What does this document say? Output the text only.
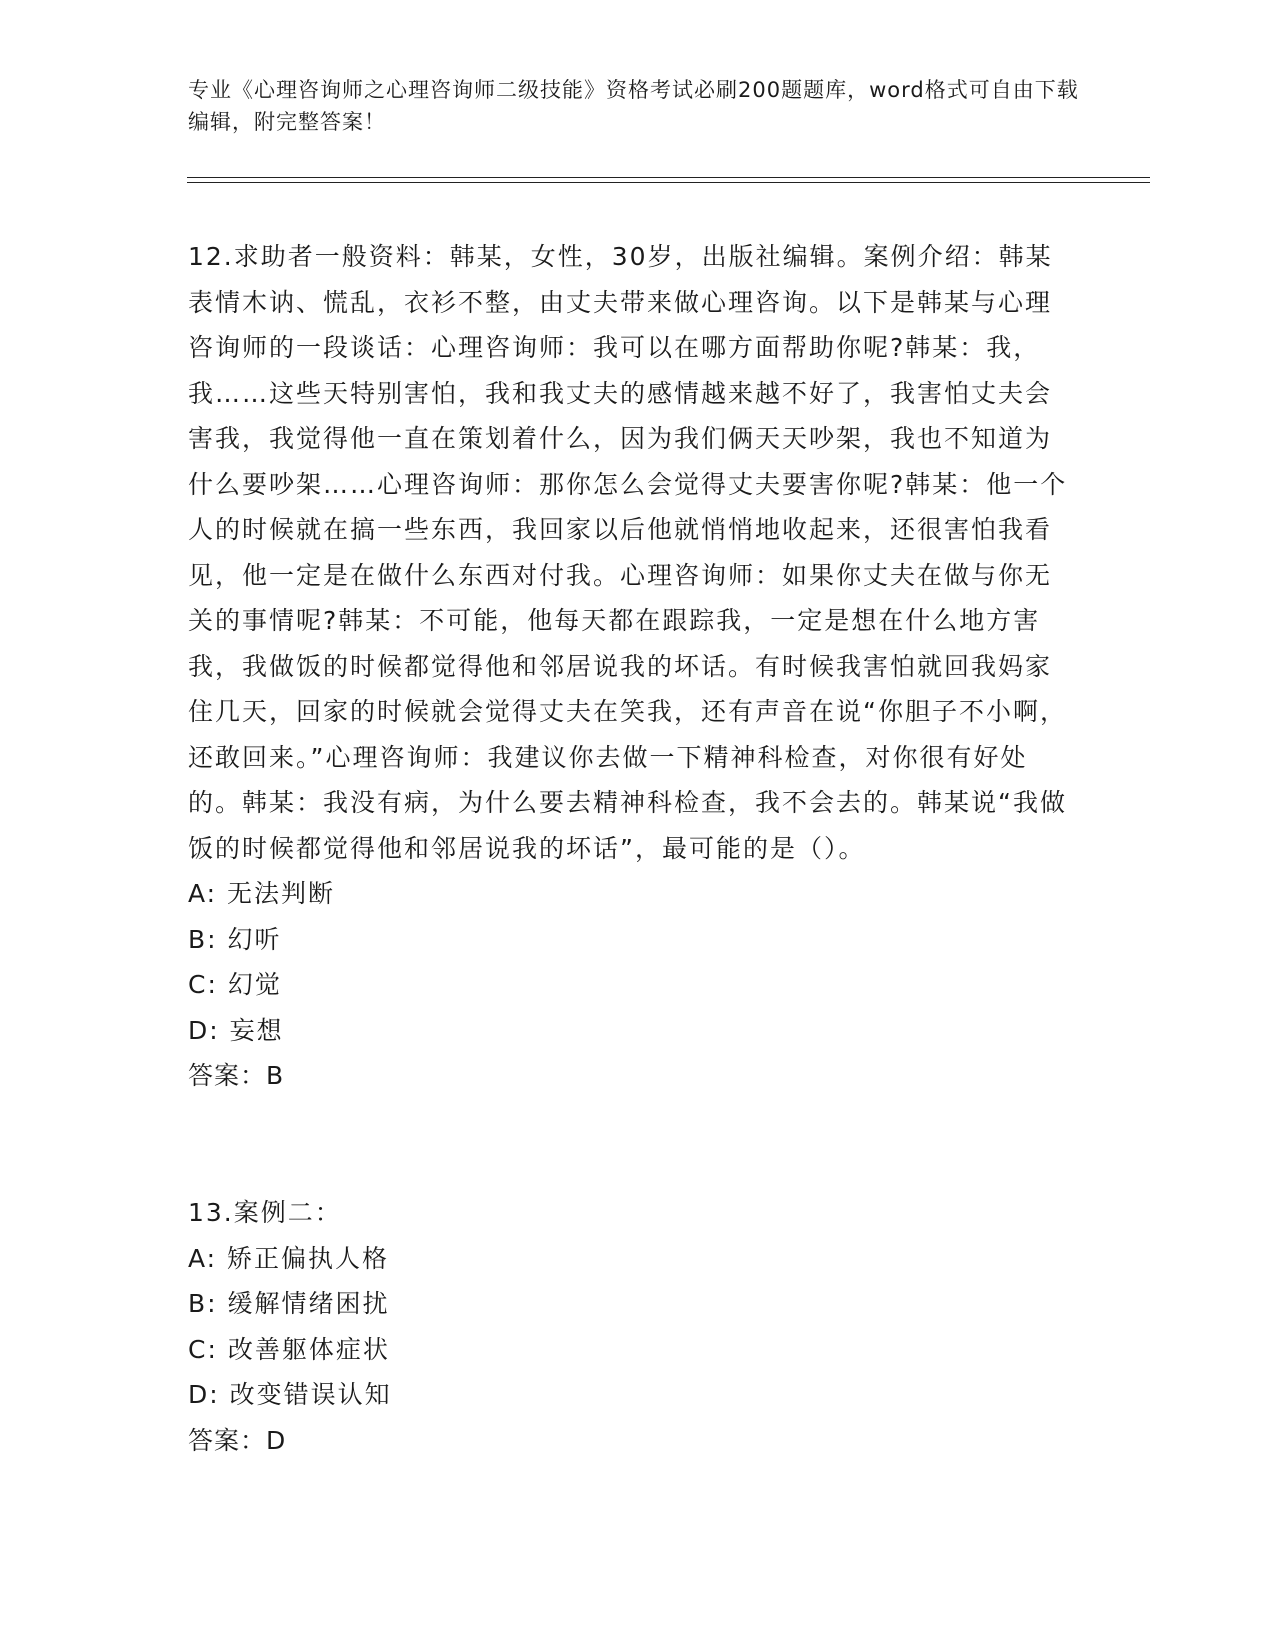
专业《心理咨询师之心理咨询师二级技能》资格考试必刷200题题库，word格式可自由下载编辑，附完整答案！
12.求助者一般资料：韩某，女性，30岁，出版社编辑。案例介绍：韩某表情木讷、慌乱，衣衫不整，由丈夫带来做心理咨询。以下是韩某与心理咨询师的一段谈话：心理咨询师：我可以在哪方面帮助你呢?韩某：我，我……这些天特别害怕，我和我丈夫的感情越来越不好了，我害怕丈夫会害我，我觉得他一直在策划着什么，因为我们俩天天吵架，我也不知道为什么要吵架……心理咨询师：那你怎么会觉得丈夫要害你呢?韩某：他一个人的时候就在搞一些东西，我回家以后他就悄悄地收起来，还很害怕我看见，他一定是在做什么东西对付我。心理咨询师：如果你丈夫在做与你无关的事情呢?韩某：不可能，他每天都在跟踪我，一定是想在什么地方害我，我做饭的时候都觉得他和邻居说我的坏话。有时候我害怕就回我妈家住几天，回家的时候就会觉得丈夫在笑我，还有声音在说“你胆子不小啊，还敢回来。”心理咨询师：我建议你去做一下精神科检查，对你很有好处的。韩某：我没有病，为什么要去精神科检查，我不会去的。韩某说“我做饭的时候都觉得他和邻居说我的坏话”，最可能的是（）。
A: 无法判断
B: 幻听
C: 幻觉
D: 妄想
答案：B
13.案例二：
A: 矫正偏执人格
B: 缓解情绪困扰
C: 改善躯体症状
D: 改变错误认知
答案：D
